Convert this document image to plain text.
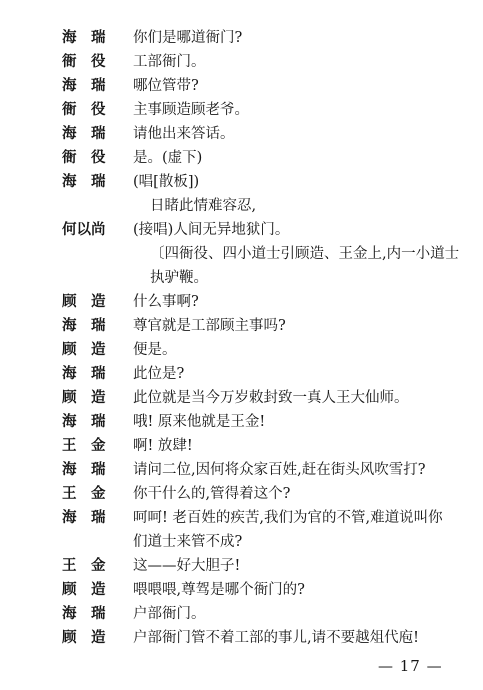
海　瑞	你们是哪道衙门?
衙　役	工部衙门。
海　瑞	哪位管带?
衙　役	主事顾造顾老爷。
海　瑞	请他出来答话。
衙　役	是。(虚下)
海　瑞	(唱[散板])
日睹此情难容忍,
何以尚	(接唱)人间无异地狱门。
〔四衙役、四小道士引顾造、王金上,内一小道士
执驴鞭。
顾　造	什么事啊?
海　瑞	尊官就是工部顾主事吗?
顾　造	便是。
海　瑞	此位是?
顾　造	此位就是当今万岁敕封致一真人王大仙师。
海　瑞	哦! 原来他就是王金!
王　金	啊! 放肆!
海　瑞	请问二位,因何将众家百姓,赶在街头风吹雪打?
王　金	你干什么的,管得着这个?
海　瑞	呵呵! 老百姓的疾苦,我们为官的不管,难道说叫你
们道士来管不成?
王　金	这——好大胆子!
顾　造	喂喂喂,尊驾是哪个衙门的?
海　瑞	户部衙门。
顾　造	户部衙门管不着工部的事儿,请不要越俎代庖!
— 17 —
